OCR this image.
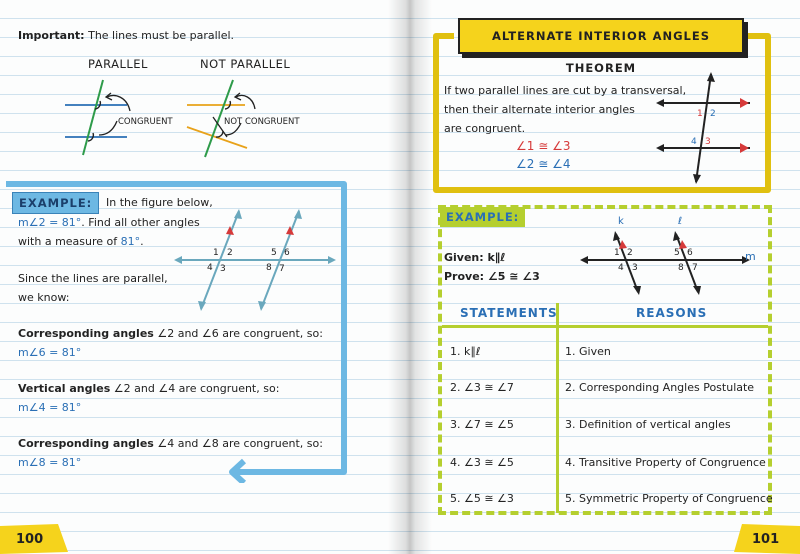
Important: The lines must be parallel.
PARALLEL	NOT PARALLEL
CONGRUENT	NOT CONGRUENT
EXAMPLE:	In the figure below,
m∠2 = 81°. Find all other angles
with a measure of 81°.
Since the lines are parallel,
we know:
1 2
4 3
5 6
8 7
Corresponding angles ∠2 and ∠6 are congruent, so:
m∠6 = 81°
Vertical angles ∠2 and ∠4 are congruent, so:
m∠4 = 81°
Corresponding angles ∠4 and ∠8 are congruent, so:
m∠8 = 81°
100
ALTERNATE INTERIOR ANGLES THEOREM
If two parallel lines are cut by a transversal,
then their alternate interior angles
are congruent.
∠1 ≅ ∠3
∠2 ≅ ∠4
1 2
4 3
EXAMPLE:
Given: k∥ℓ
Prove: ∠5 ≅ ∠3
k	ℓ
m
1 2
4 3
5 6
8 7
STATEMENTS	REASONS
1. k∥ℓ	1. Given
2. ∠3 ≅ ∠7	2. Corresponding Angles Postulate
3. ∠7 ≅ ∠5	3. Definition of vertical angles
4. ∠3 ≅ ∠5	4. Transitive Property of Congruence
5. ∠5 ≅ ∠3	5. Symmetric Property of Congruence
101
